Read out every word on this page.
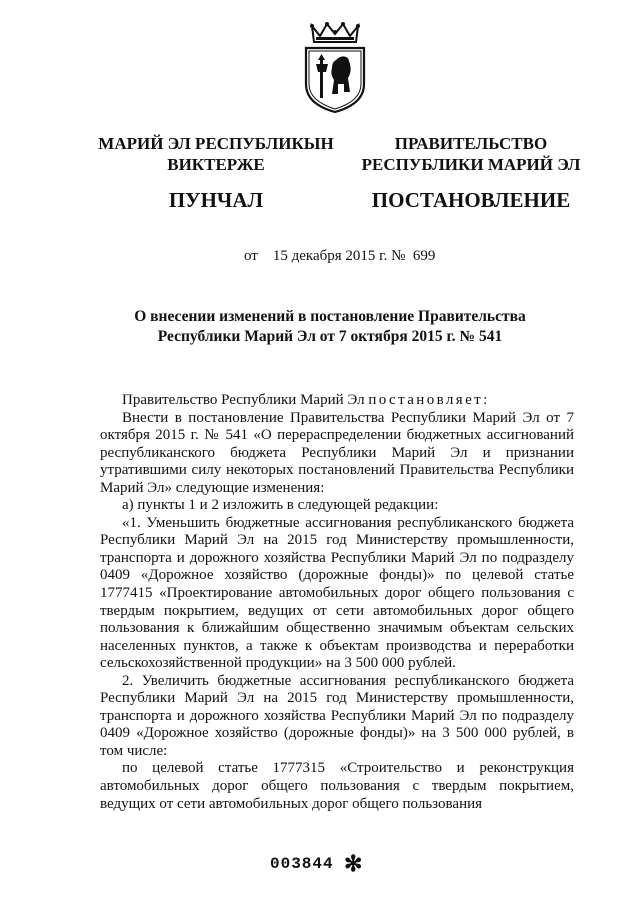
МАРИЙ ЭЛ РЕСПУБЛИКЫН
ВИКТЕРЖЕ
ПУНЧАЛ
ПРАВИТЕЛЬСТВО
РЕСПУБЛИКИ МАРИЙ ЭЛ
ПОСТАНОВЛЕНИЕ
от 15 декабря 2015 г. № 699
О внесении изменений в постановление Правительства
Республики Марий Эл от 7 октября 2015 г. № 541

Правительство Республики Марий Эл постановляет:

Внести в постановление Правительства Республики Марий Эл от 7 октября 2015 г. № 541 «О перераспределении бюджетных ассигнований республиканского бюджета Республики Марий Эл и признании утратившими силу некоторых постановлений Правительства Республики Марий Эл» следующие изменения:

а) пункты 1 и 2 изложить в следующей редакции:

«1. Уменьшить бюджетные ассигнования республиканского бюджета Республики Марий Эл на 2015 год Министерству промышленности, транспорта и дорожного хозяйства Республики Марий Эл по подразделу 0409 «Дорожное хозяйство (дорожные фонды)» по целевой статье 1777415 «Проектирование автомобильных дорог общего пользования с твердым покрытием, ведущих от сети автомобильных дорог общего пользования к ближайшим общественно значимым объектам сельских населенных пунктов, а также к объектам производства и переработки сельскохозяйственной продукции» на 3 500 000 рублей.

2. Увеличить бюджетные ассигнования республиканского бюджета Республики Марий Эл на 2015 год Министерству промышленности, транспорта и дорожного хозяйства Республики Марий Эл по подразделу 0409 «Дорожное хозяйство (дорожные фонды)» на 3 500 000 рублей, в том числе:

по целевой статье 1777315 «Строительство и реконструкция автомобильных дорог общего пользования с твердым покрытием, ведущих от сети автомобильных дорог общего пользования

003844 ✻
